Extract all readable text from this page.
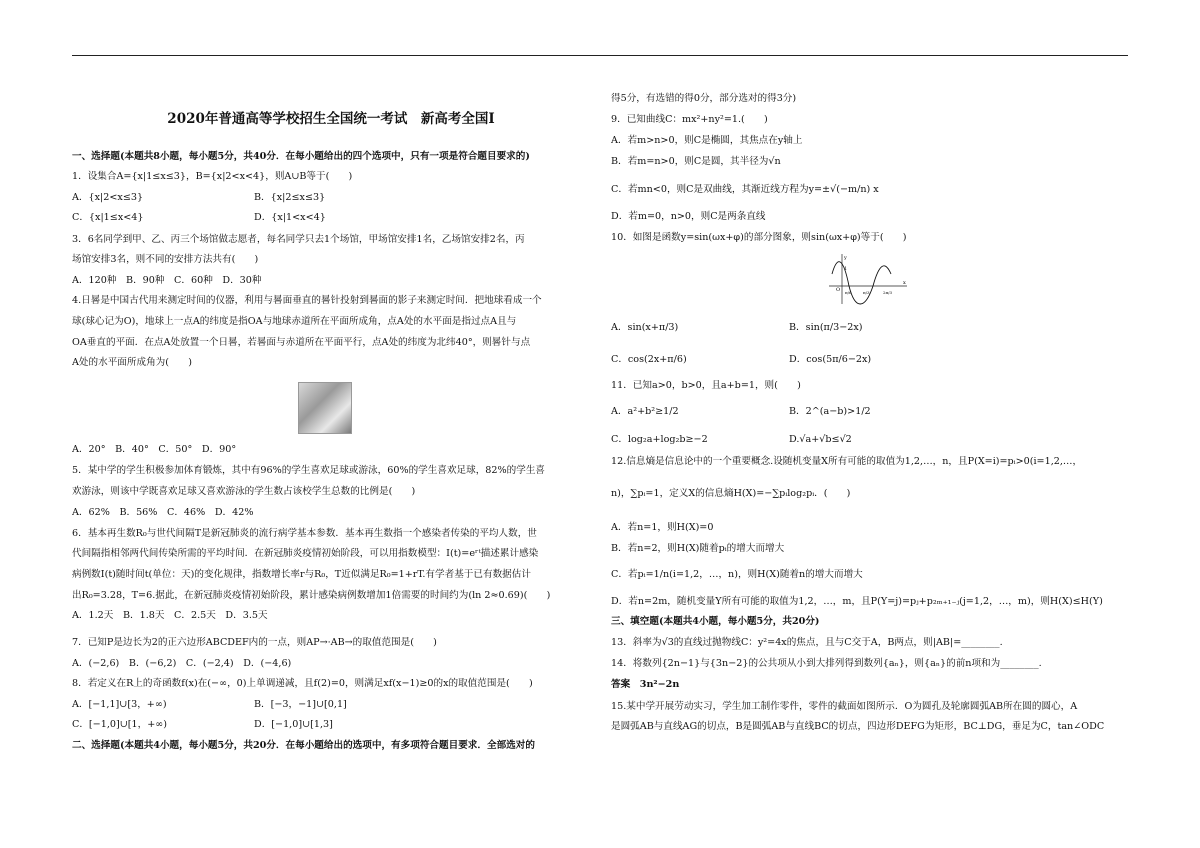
2020年普通高等学校招生全国统一考试　新高考全国Ⅰ
一、选择题(本题共8小题，每小题5分，共40分．在每小题给出的四个选项中，只有一项是符合题目要求的)
1．设集合A={x|1≤x≤3}，B={x|2<x<4}，则A∪B等于(　　)
A．{x|2<x≤3}	B．{x|2≤x≤3}
C．{x|1≤x<4}	D．{x|1<x<4}
3．6名同学到甲、乙、丙三个场馆做志愿者，每名同学只去1个场馆，甲场馆安排1名，乙场馆安排2名，丙
场馆安排3名，则不同的安排方法共有(　　)
A．120种　B．90种　C．60种　D．30种
4.日晷是中国古代用来测定时间的仪器，利用与晷面垂直的晷针投射到晷面的影子来测定时间．把地球看成一个
球(球心记为O)，地球上一点A的纬度是指OA与地球赤道所在平面所成角，点A处的水平面是指过点A且与
OA垂直的平面．在点A处放置一个日晷，若晷面与赤道所在平面平行，点A处的纬度为北纬40°，则晷针与点
A处的水平面所成角为(　　)
A．20°　B．40°　C．50°　D．90°
5．某中学的学生积极参加体育锻炼，其中有96%的学生喜欢足球或游泳，60%的学生喜欢足球，82%的学生喜
欢游泳，则该中学既喜欢足球又喜欢游泳的学生数占该校学生总数的比例是(　　)
A．62%　B．56%　C．46%　D．42%
6．基本再生数R₀与世代间隔T是新冠肺炎的流行病学基本参数．基本再生数指一个感染者传染的平均人数，世
代间隔指相邻两代间传染所需的平均时间．在新冠肺炎疫情初始阶段，可以用指数模型：I(t)=eʳᵗ描述累计感染
病例数I(t)随时间t(单位：天)的变化规律，指数增长率r与R₀，T近似满足R₀=1+rT.有学者基于已有数据估计
出R₀=3.28，T=6.据此，在新冠肺炎疫情初始阶段，累计感染病例数增加1倍需要的时间约为(ln 2≈0.69)(　　)
A．1.2天　B．1.8天　C．2.5天　D．3.5天
7．已知P是边长为2的正六边形ABCDEF内的一点，则AP→·AB→的取值范围是(　　)
A．(−2,6)　B．(−6,2)　C．(−2,4)　D．(−4,6)
8．若定义在R上的奇函数f(x)在(−∞，0)上单调递减，且f(2)=0，则满足xf(x−1)≥0的x的取值范围是(　　)
A．[−1,1]∪[3，+∞)	B．[−3，−1]∪[0,1]
C．[−1,0]∪[1，+∞)	D．[−1,0]∪[1,3]
二、选择题(本题共4小题，每小题5分，共20分．在每小题给出的选项中，有多项符合题目要求．全部选对的
得5分，有选错的得0分，部分选对的得3分)
9．已知曲线C：mx²+ny²=1.(　　)
A．若m>n>0，则C是椭圆，其焦点在y轴上
B．若m=n>0，则C是圆，其半径为√n
C．若mn<0，则C是双曲线，其渐近线方程为y=±√(−m/n) x
D．若m=0，n>0，则C是两条直线
10．如图是函数y=sin(ωx+φ)的部分图象，则sin(ωx+φ)等于(　　)
A．sin(x+π/3)	B．sin(π/3−2x)
C．cos(2x+π/6)	D．cos(5π/6−2x)
11．已知a>0，b>0，且a+b=1，则(　　)
A．a²+b²≥1/2	B．2^(a−b)>1/2
C．log₂a+log₂b≥−2	D.√a+√b≤√2
12.信息熵是信息论中的一个重要概念.设随机变量X所有可能的取值为1,2,…，n，且P(X=i)=pᵢ>0(i=1,2,…，
n)，∑pᵢ=1，定义X的信息熵H(X)=−∑pᵢlog₂pᵢ．(　　)
A．若n=1，则H(X)=0
B．若n=2，则H(X)随着pᵢ的增大而增大
C．若pᵢ=1/n(i=1,2，…，n)，则H(X)随着n的增大而增大
D．若n=2m，随机变量Y所有可能的取值为1,2，…，m，且P(Y=j)=pⱼ+p₂ₘ₊₁₋ⱼ(j=1,2，…，m)，则H(X)≤H(Y)
三、填空题(本题共4小题，每小题5分，共20分)
13．斜率为√3的直线过抛物线C：y²=4x的焦点，且与C交于A，B两点，则|AB|=________.
14．将数列{2n−1}与{3n−2}的公共项从小到大排列得到数列{aₙ}，则{aₙ}的前n项和为________.
答案　3n²−2n
15.某中学开展劳动实习，学生加工制作零件，零件的截面如图所示．O为圆孔及轮廓圆弧AB所在圆的圆心，A
是圆弧AB与直线AG的切点，B是圆弧AB与直线BC的切点，四边形DEFG为矩形，BC⊥DG，垂足为C，tan∠ODC
y
x
O
1
π/6	π/3	2π/3
